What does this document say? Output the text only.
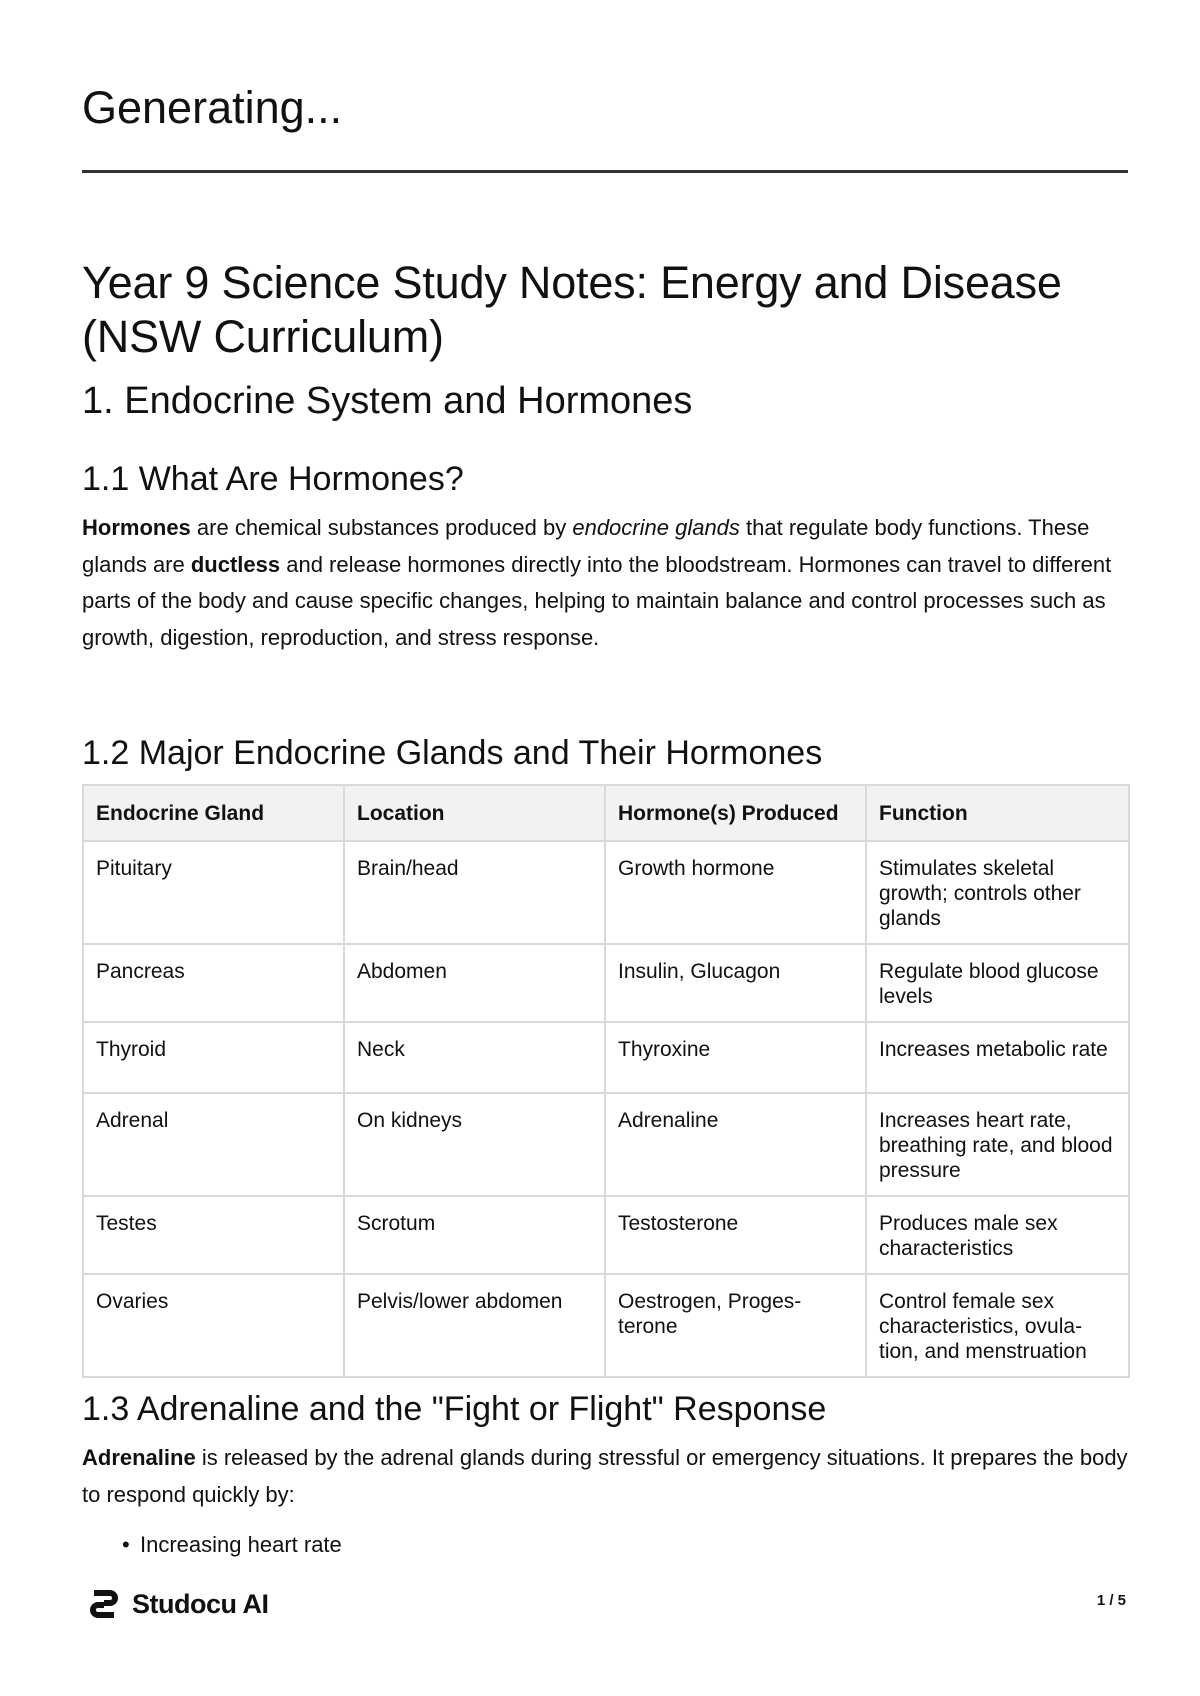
Generating...
Year 9 Science Study Notes: Energy and Disease (NSW Curriculum)
1. Endocrine System and Hormones
1.1 What Are Hormones?

Hormones are chemical substances produced by endocrine glands that regulate body functions. These glands are ductless and release hormones directly into the bloodstream. Hormones can travel to different parts of the body and cause specific changes, helping to maintain balance and control processes such as growth, digestion, reproduction, and stress response.

1.2 Major Endocrine Glands and Their Hormones
Endocrine Gland	Location	Hormone(s) Produced	Function
Pituitary	Brain/head	Growth hormone	Stimulates skeletal growth; controls other glands
Pancreas	Abdomen	Insulin, Glucagon	Regulate blood glucose levels
Thyroid	Neck	Thyroxine	Increases metabolic rate
Adrenal	On kidneys	Adrenaline	Increases heart rate, breathing rate, and blood pressure
Testes	Scrotum	Testosterone	Produces male sex characteristics
Ovaries	Pelvis/lower abdomen	Oestrogen, Proges-terone	Control female sex characteristics, ovula-tion, and menstruation
1.3 Adrenaline and the "Fight or Flight" Response

Adrenaline is released by the adrenal glands during stressful or emergency situations. It prepares the body to respond quickly by:

• Increasing heart rate
Studocu AI	1 / 5
